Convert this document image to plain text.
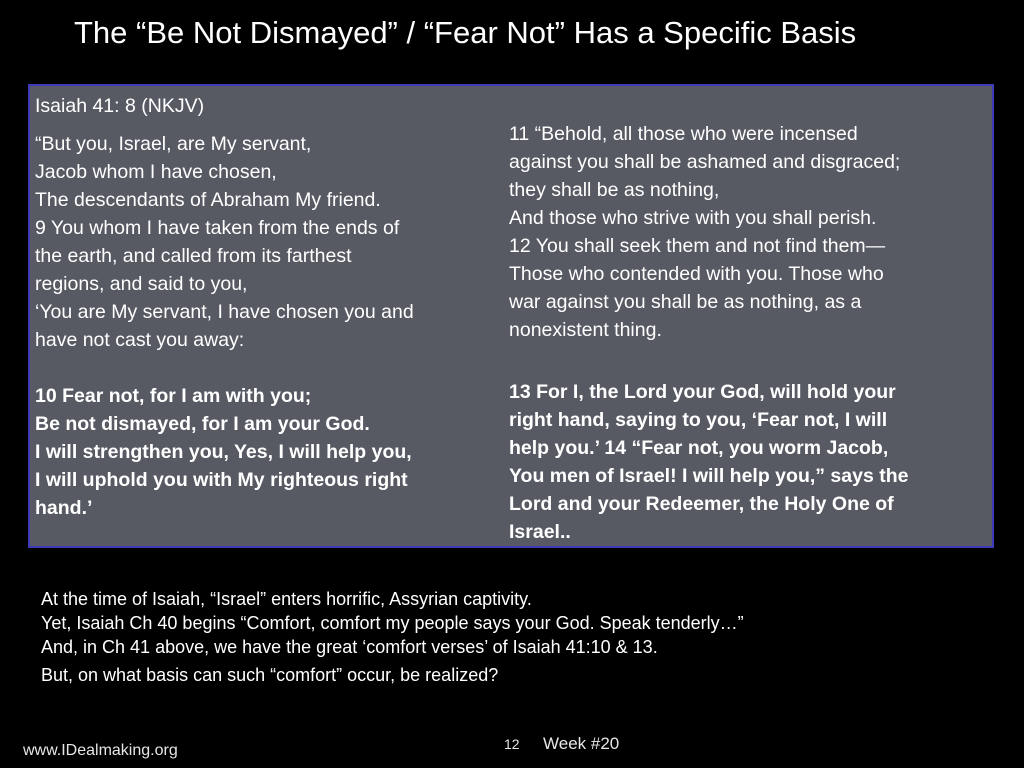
The “Be Not Dismayed” / “Fear Not” Has a Specific Basis
Isaiah 41: 8 (NKJV)
“But you, Israel, are My servant,
Jacob whom I have chosen,
The descendants of Abraham My friend.
9 You whom I have taken from the ends of
the earth, and called from its farthest
regions, and said to you,
‘You are My servant, I have chosen you and
have not cast you away:
10 Fear not, for I am with you;
Be not dismayed, for I am your God.
I will strengthen you, Yes, I will help you,
I will uphold you with My righteous right
hand.’
11 “Behold, all those who were incensed
against you shall be ashamed and disgraced;
they shall be as nothing,
And those who strive with you shall perish.
12 You shall seek them and not find them—
Those who contended with you. Those who
war against you shall be as nothing, as a
nonexistent thing.
13 For I, the Lord your God, will hold your
right hand, saying to you, ‘Fear not, I will
help you.’ 14 “Fear not, you worm Jacob,
You men of Israel! I will help you,” says the
Lord and your Redeemer, the Holy One of
Israel..
At the time of Isaiah, “Israel” enters horrific, Assyrian captivity.
Yet, Isaiah Ch 40 begins “Comfort, comfort my people says your God. Speak tenderly…”
And, in Ch 41 above, we have the great ‘comfort verses’ of Isaiah 41:10 & 13.
But, on what basis can such “comfort” occur, be realized?
www.IDealmaking.org	12 Week #20
